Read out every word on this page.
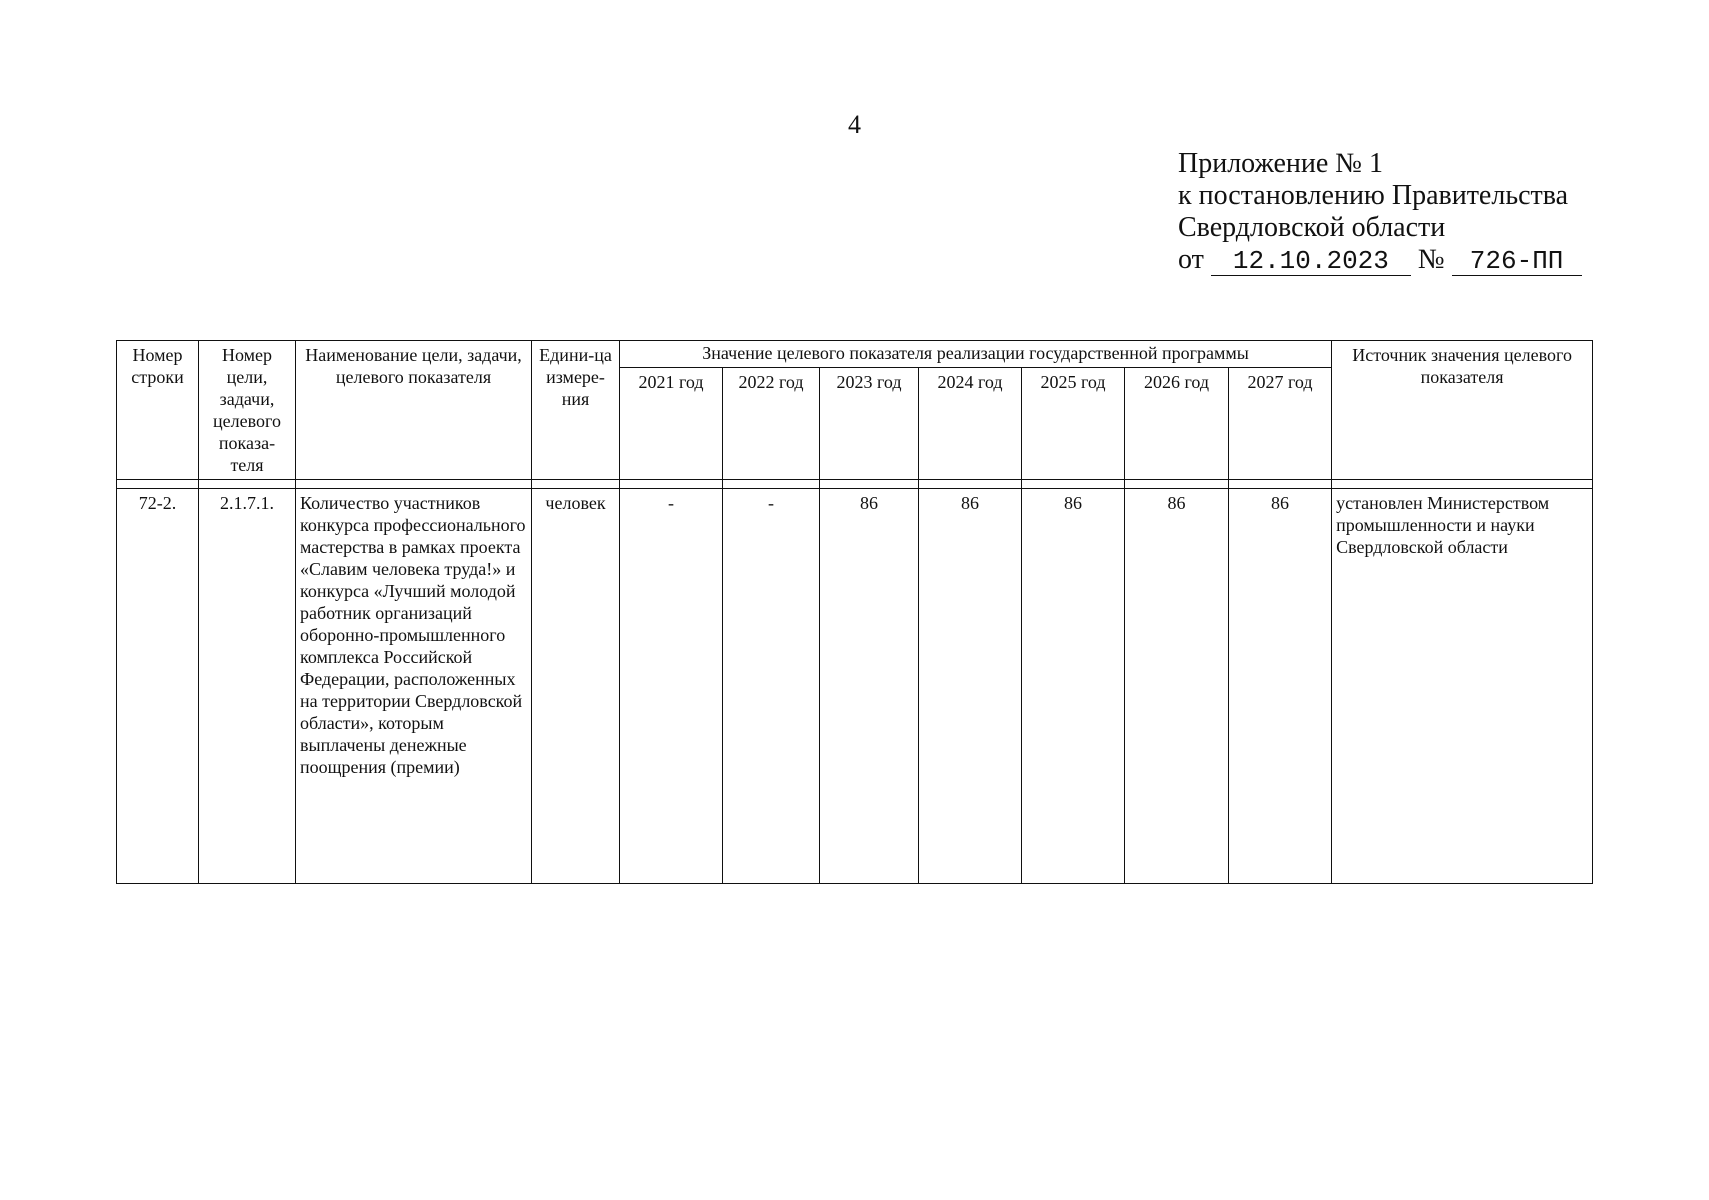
4
Приложение № 1
к постановлению Правительства
Свердловской области
от 12.10.2023 № 726-ПП
Номер строки	Номер цели, задачи, целевого показа-теля	Наименование цели, задачи, целевого показателя	Едини-ца измере-ния	Значение целевого показателя реализации государственной программы							Источник значения целевого показателя
				2021 год	2022 год	2023 год	2024 год	2025 год	2026 год	2027 год	

72-2.	2.1.7.1.	Количество участников конкурса профессионального мастерства в рамках проекта «Славим человека труда!» и конкурса «Лучший молодой работник организаций оборонно-промышленного комплекса Российской Федерации, расположенных на территории Свердловской области», которым выплачены денежные поощрения (премии)	человек	-	-	86	86	86	86	86	установлен Министерством промышленности и науки Свердловской области
